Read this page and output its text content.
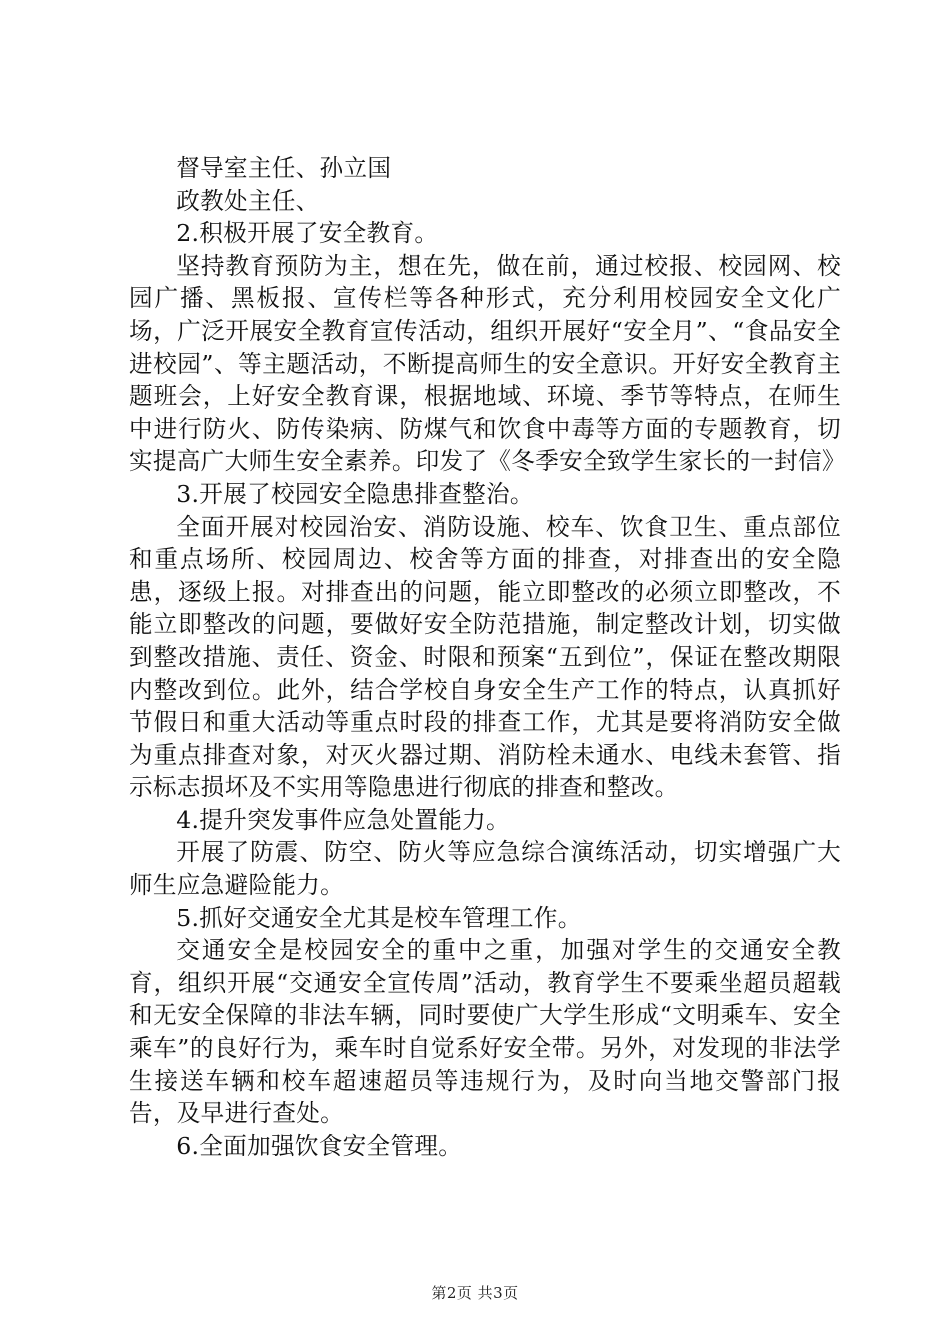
督导室主任、孙立国

政教处主任、

2.积极开展了安全教育。

坚持教育预防为主，想在先，做在前，通过校报、校园网、校园广播、黑板报、宣传栏等各种形式，充分利用校园安全文化广场，广泛开展安全教育宣传活动，组织开展好“安全月”、“食品安全进校园”、等主题活动，不断提高师生的安全意识。开好安全教育主题班会，上好安全教育课，根据地域、环境、季节等特点，在师生中进行防火、防传染病、防煤气和饮食中毒等方面的专题教育，切实提高广大师生安全素养。印发了《冬季安全致学生家长的一封信》

3.开展了校园安全隐患排查整治。

全面开展对校园治安、消防设施、校车、饮食卫生、重点部位和重点场所、校园周边、校舍等方面的排查，对排查出的安全隐患，逐级上报。对排查出的问题，能立即整改的必须立即整改，不能立即整改的问题，要做好安全防范措施，制定整改计划，切实做到整改措施、责任、资金、时限和预案“五到位”，保证在整改期限内整改到位。此外，结合学校自身安全生产工作的特点，认真抓好节假日和重大活动等重点时段的排查工作，尤其是要将消防安全做为重点排查对象，对灭火器过期、消防栓未通水、电线未套管、指示标志损坏及不实用等隐患进行彻底的排查和整改。

4.提升突发事件应急处置能力。

开展了防震、防空、防火等应急综合演练活动，切实增强广大师生应急避险能力。

5.抓好交通安全尤其是校车管理工作。

交通安全是校园安全的重中之重，加强对学生的交通安全教育，组织开展“交通安全宣传周”活动，教育学生不要乘坐超员超载和无安全保障的非法车辆，同时要使广大学生形成“文明乘车、安全乘车”的良好行为，乘车时自觉系好安全带。另外，对发现的非法学生接送车辆和校车超速超员等违规行为，及时向当地交警部门报告，及早进行查处。

6.全面加强饮食安全管理。

第2页 共3页
